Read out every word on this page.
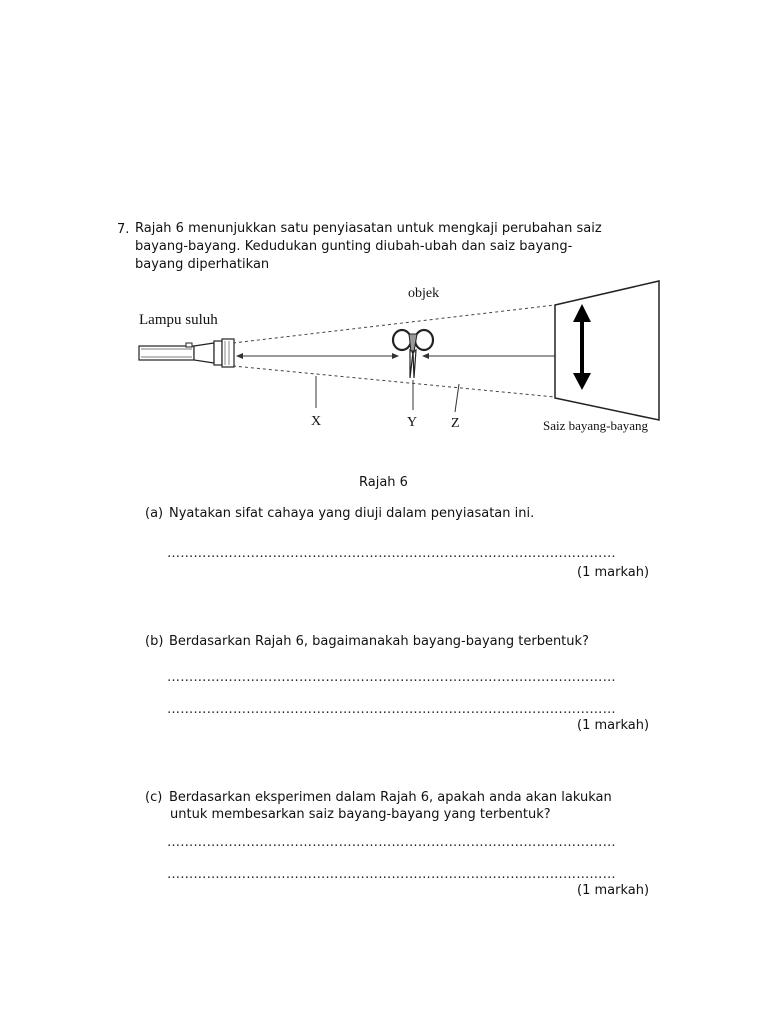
7. Rajah 6 menunjukkan satu penyiasatan untuk mengkaji perubahan saiz
bayang-bayang. Kedudukan gunting diubah-ubah dan saiz bayang-
bayang diperhatikan
objek
Lampu suluh
X	Y Z	Saiz bayang-bayang
Rajah 6
(a) Nyatakan sifat cahaya yang diuji dalam penyiasatan ini.
…………………………………………………………………………………………
(1 markah)
(b) Berdasarkan Rajah 6, bagaimanakah bayang-bayang terbentuk?
…………………………………………………………………………………………
…………………………………………………………………………………………
(1 markah)
(c) Berdasarkan eksperimen dalam Rajah 6, apakah anda akan lakukan
untuk membesarkan saiz bayang-bayang yang terbentuk?
…………………………………………………………………………………………
…………………………………………………………………………………………
(1 markah)
